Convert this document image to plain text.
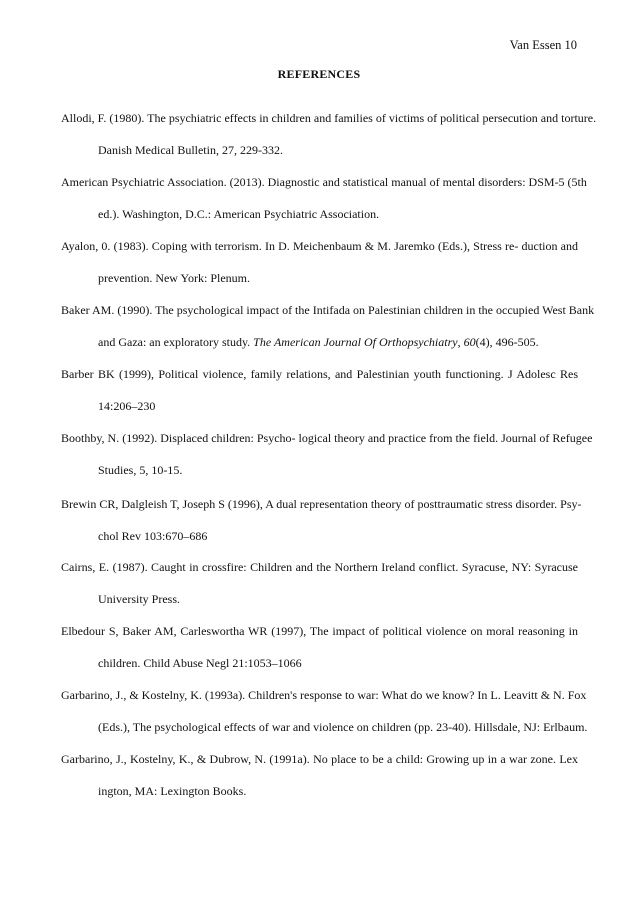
Van Essen 10
REFERENCES
Allodi, F. (1980). The psychiatric effects in children and families of victims of political persecution and torture.
Danish Medical Bulletin, 27, 229-332.
American Psychiatric Association. (2013). Diagnostic and statistical manual of mental disorders: DSM-5 (5th
ed.). Washington, D.C.: American Psychiatric Association.
Ayalon, 0. (1983). Coping with terrorism. In D. Meichenbaum & M. Jaremko (Eds.), Stress re- duction and
prevention. New York: Plenum.
Baker AM. (1990). The psychological impact of the Intifada on Palestinian children in the occupied West Bank
and Gaza: an exploratory study. The American Journal Of Orthopsychiatry, 60(4), 496-505.
Barber BK (1999), Political violence, family relations, and Palestinian youth functioning. J Adolesc Res
14:206–230
Boothby, N. (1992). Displaced children: Psycho- logical theory and practice from the field. Journal of Refugee
Studies, 5, 10-15.
Brewin CR, Dalgleish T, Joseph S (1996), A dual representation theory of posttraumatic stress disorder. Psy-
chol Rev 103:670–686
Cairns, E. (1987). Caught in crossfire: Children and the Northern Ireland conflict. Syracuse, NY: Syracuse
University Press.
Elbedour S, Baker AM, Carleswortha WR (1997), The impact of political violence on moral reasoning in
children. Child Abuse Negl 21:1053–1066
Garbarino, J., & Kostelny, K. (1993a). Children's response to war: What do we know? In L. Leavitt & N. Fox
(Eds.), The psychological effects of war and violence on children (pp. 23-40). Hillsdale, NJ: Erlbaum.
Garbarino, J., Kostelny, K., & Dubrow, N. (1991a). No place to be a child: Growing up in a war zone. Lex
ington, MA: Lexington Books.
